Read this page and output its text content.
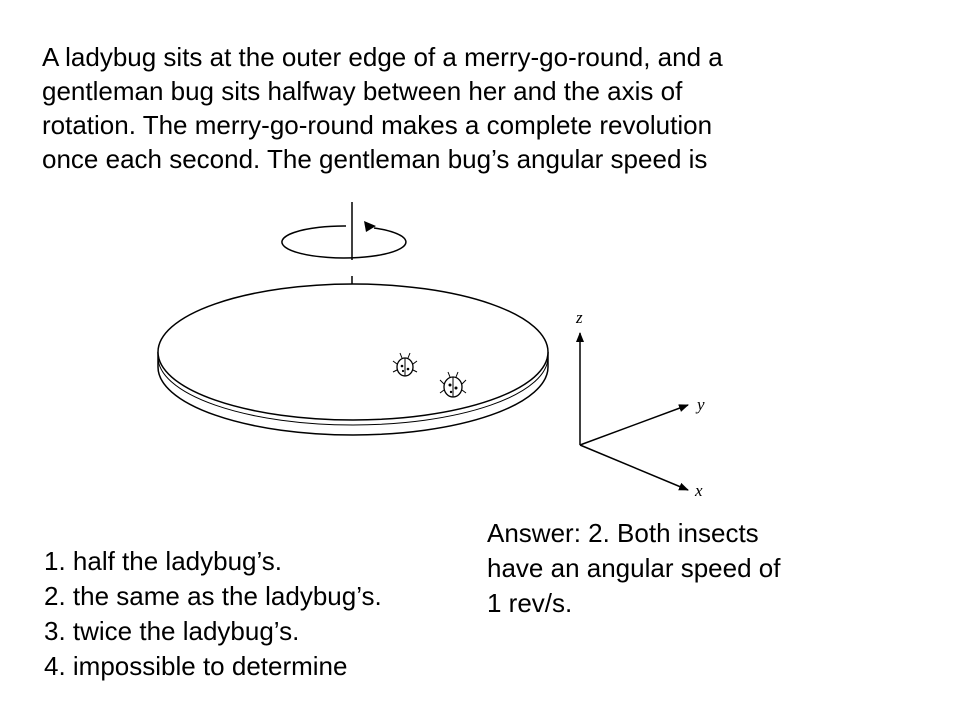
A ladybug sits at the outer edge of a merry-go-round, and a
gentleman bug sits halfway between her and the axis of
rotation. The merry-go-round makes a complete revolution
once each second. The gentleman bug’s angular speed is
z
y
x
1. half the ladybug’s.
2. the same as the ladybug’s.
3. twice the ladybug’s.
4. impossible to determine
Answer: 2. Both insects
have an angular speed of
1 rev/s.
